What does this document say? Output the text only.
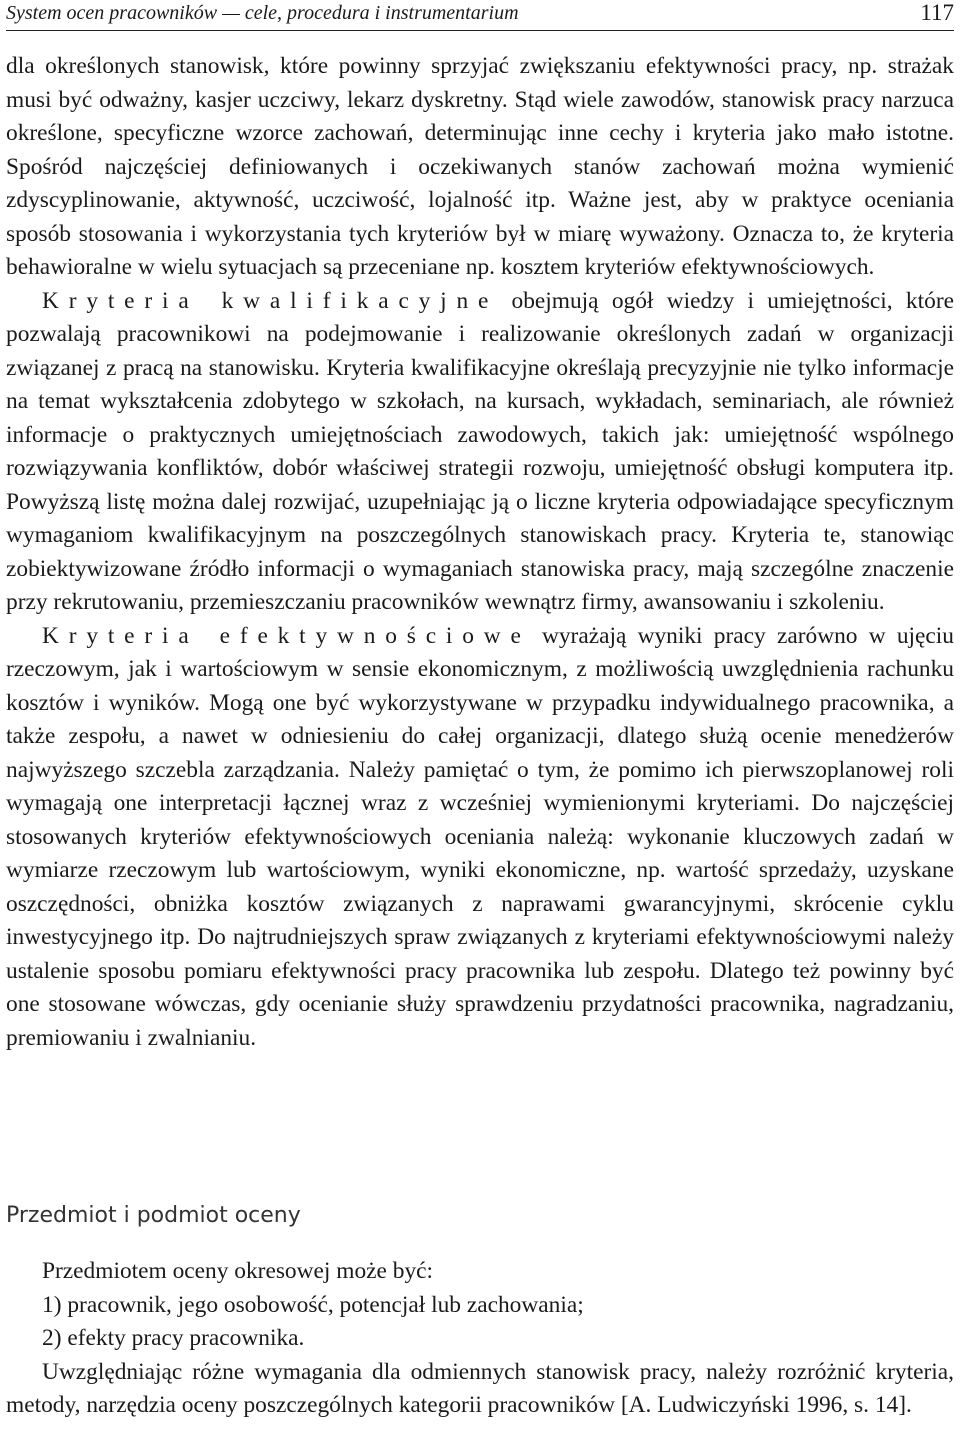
System ocen pracowników — cele, procedura i instrumentarium	117

dla określonych stanowisk, które powinny sprzyjać zwiększaniu efektywności pracy, np. strażak musi być odważny, kasjer uczciwy, lekarz dyskretny. Stąd wiele zawodów, stanowisk pracy narzuca określone, specyficzne wzorce zachowań, determinując inne cechy i kryteria jako mało istotne. Spośród najczęściej definiowanych i oczekiwanych stanów zachowań można wymienić zdyscyplinowanie, aktywność, uczciwość, lojalność itp. Ważne jest, aby w praktyce oceniania sposób stosowania i wykorzystania tych kryteriów był w miarę wyważony. Oznacza to, że kryteria behawioralne w wielu sytuacjach są przeceniane np. kosztem kryteriów efektywnościowych.

Kryteria kwalifikacyjne obejmują ogół wiedzy i umiejętności, które pozwalają pracownikowi na podejmowanie i realizowanie określonych zadań w organizacji związanej z pracą na stanowisku. Kryteria kwalifikacyjne określają precyzyjnie nie tylko informacje na temat wykształcenia zdobytego w szkołach, na kursach, wykładach, seminariach, ale również informacje o praktycznych umiejętnościach zawodowych, takich jak: umiejętność wspólnego rozwiązywania konfliktów, dobór właściwej strategii rozwoju, umiejętność obsługi komputera itp. Powyższą listę można dalej rozwijać, uzupełniając ją o liczne kryteria odpowiadające specyficznym wymaganiom kwalifikacyjnym na poszczególnych stanowiskach pracy. Kryteria te, stanowiąc zobiektywizowane źródło informacji o wymaganiach stanowiska pracy, mają szczególne znaczenie przy rekrutowaniu, przemieszczaniu pracowników wewnątrz firmy, awansowaniu i szkoleniu.

Kryteria efektywnościowe wyrażają wyniki pracy zarówno w ujęciu rzeczowym, jak i wartościowym w sensie ekonomicznym, z możliwością uwzględnienia rachunku kosztów i wyników. Mogą one być wykorzystywane w przypadku indywidualnego pracownika, a także zespołu, a nawet w odniesieniu do całej organizacji, dlatego służą ocenie menedżerów najwyższego szczebla zarządzania. Należy pamiętać o tym, że pomimo ich pierwszoplanowej roli wymagają one interpretacji łącznej wraz z wcześniej wymienionymi kryteriami. Do najczęściej stosowanych kryteriów efektywnościowych oceniania należą: wykonanie kluczowych zadań w wymiarze rzeczowym lub wartościowym, wyniki ekonomiczne, np. wartość sprzedaży, uzyskane oszczędności, obniżka kosztów związanych z naprawami gwarancyjnymi, skrócenie cyklu inwestycyjnego itp. Do najtrudniejszych spraw związanych z kryteriami efektywnościowymi należy ustalenie sposobu pomiaru efektywności pracy pracownika lub zespołu. Dlatego też powinny być one stosowane wówczas, gdy ocenianie służy sprawdzeniu przydatności pracownika, nagradzaniu, premiowaniu i zwalnianiu.

Przedmiot i podmiot oceny

Przedmiotem oceny okresowej może być:

1) pracownik, jego osobowość, potencjał lub zachowania;
2) efekty pracy pracownika.

Uwzględniając różne wymagania dla odmiennych stanowisk pracy, należy rozróżnić kryteria, metody, narzędzia oceny poszczególnych kategorii pracowników [A. Ludwiczyński 1996, s. 14].
